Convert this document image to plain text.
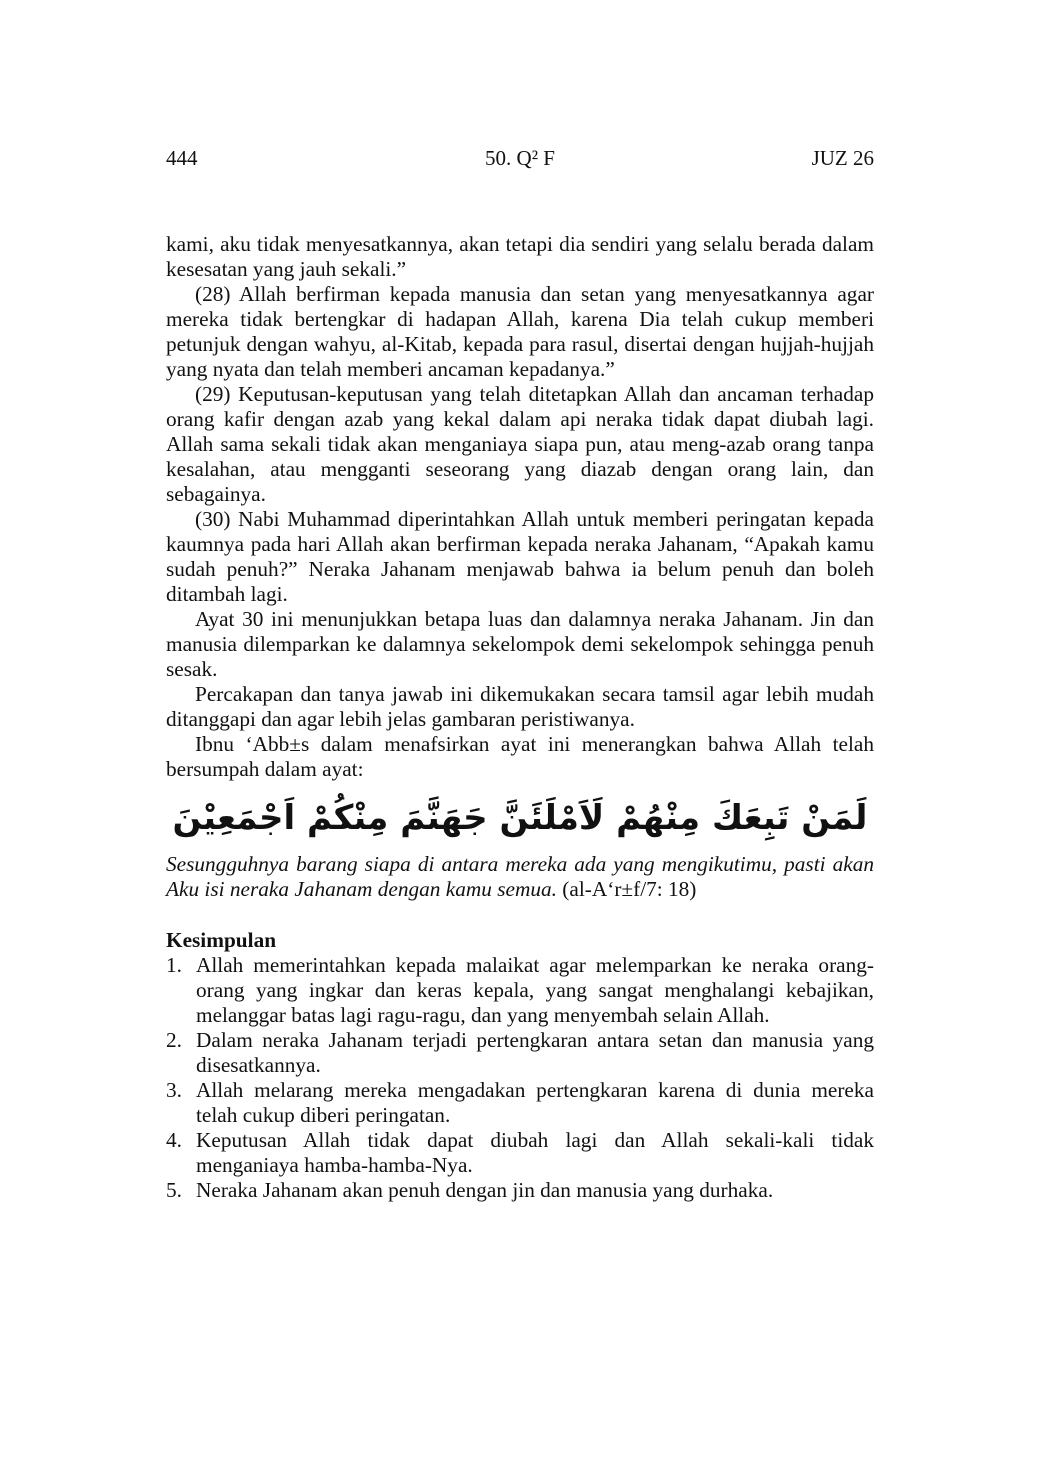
444	50. Q² F	JUZ 26

kami, aku tidak menyesatkannya, akan tetapi dia sendiri yang selalu berada dalam kesesatan yang jauh sekali.”

(28) Allah berfirman kepada manusia dan setan yang menyesatkannya agar mereka tidak bertengkar di hadapan Allah, karena Dia telah cukup memberi petunjuk dengan wahyu, al-Kitab, kepada para rasul, disertai dengan hujjah-hujjah yang nyata dan telah memberi ancaman kepadanya.”

(29) Keputusan-keputusan yang telah ditetapkan Allah dan ancaman terhadap orang kafir dengan azab yang kekal dalam api neraka tidak dapat diubah lagi. Allah sama sekali tidak akan menganiaya siapa pun, atau meng-azab orang tanpa kesalahan, atau mengganti seseorang yang diazab dengan orang lain, dan sebagainya.

(30) Nabi Muhammad diperintahkan Allah untuk memberi peringatan kepada kaumnya pada hari Allah akan berfirman kepada neraka Jahanam, “Apakah kamu sudah penuh?” Neraka Jahanam menjawab bahwa ia belum penuh dan boleh ditambah lagi.

Ayat 30 ini menunjukkan betapa luas dan dalamnya neraka Jahanam. Jin dan manusia dilemparkan ke dalamnya sekelompok demi sekelompok sehingga penuh sesak.

Percakapan dan tanya jawab ini dikemukakan secara tamsil agar lebih mudah ditanggapi dan agar lebih jelas gambaran peristiwanya.

Ibnu ‘Abb±s dalam menafsirkan ayat ini menerangkan bahwa Allah telah bersumpah dalam ayat:

لَمَنْ تَبِعَكَ مِنْهُمْ لَاَمْلَئَنَّ جَهَنَّمَ مِنْكُمْ اَجْمَعِيْنَ

Sesungguhnya barang siapa di antara mereka ada yang mengikutimu, pasti akan Aku isi neraka Jahanam dengan kamu semua. (al-A‘r±f/7: 18)

Kesimpulan
1. Allah memerintahkan kepada malaikat agar melemparkan ke neraka orang-orang yang ingkar dan keras kepala, yang sangat menghalangi kebajikan, melanggar batas lagi ragu-ragu, dan yang menyembah selain Allah.
2. Dalam neraka Jahanam terjadi pertengkaran antara setan dan manusia yang disesatkannya.
3. Allah melarang mereka mengadakan pertengkaran karena di dunia mereka telah cukup diberi peringatan.
4. Keputusan Allah tidak dapat diubah lagi dan Allah sekali-kali tidak menganiaya hamba-hamba-Nya.
5. Neraka Jahanam akan penuh dengan jin dan manusia yang durhaka.
